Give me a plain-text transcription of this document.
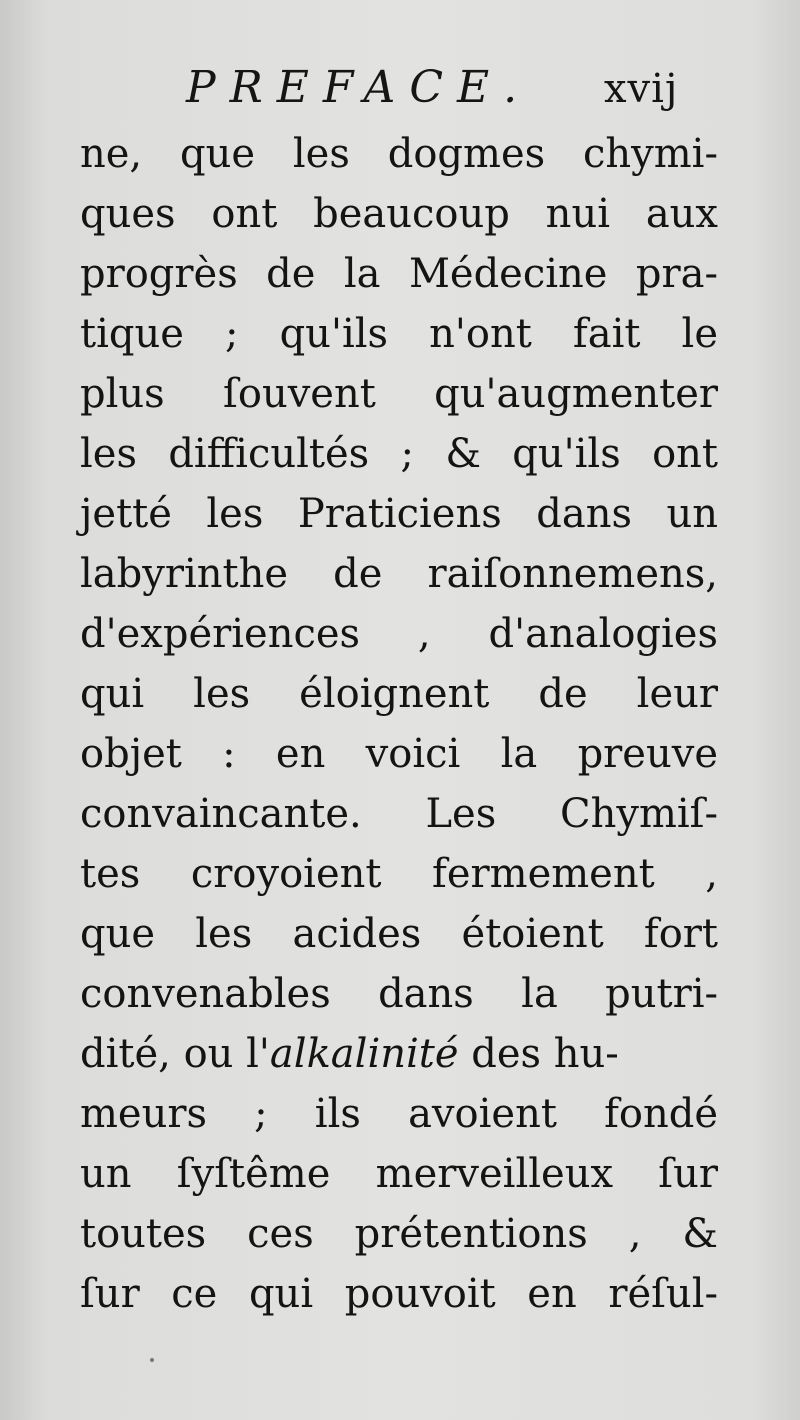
PREFACE. xvij
ne, que les dogmes chymi-
ques ont beaucoup nui aux
progrès de la Médecine pra-
tique ; qu'ils n'ont fait le
plus ſouvent qu'augmenter
les difficultés ; & qu'ils ont
jetté les Praticiens dans un
labyrinthe de raiſonnemens,
d'expériences , d'analogies
qui les éloignent de leur
objet : en voici la preuve
convaincante. Les Chymiſ-
tes croyoient fermement ,
que les acides étoient fort
convenables dans la putri-
dité, ou l'alkalinité des hu-
meurs ; ils avoient fondé
un ſyſtême merveilleux ſur
toutes ces prétentions , &
ſur ce qui pouvoit en réſul-
